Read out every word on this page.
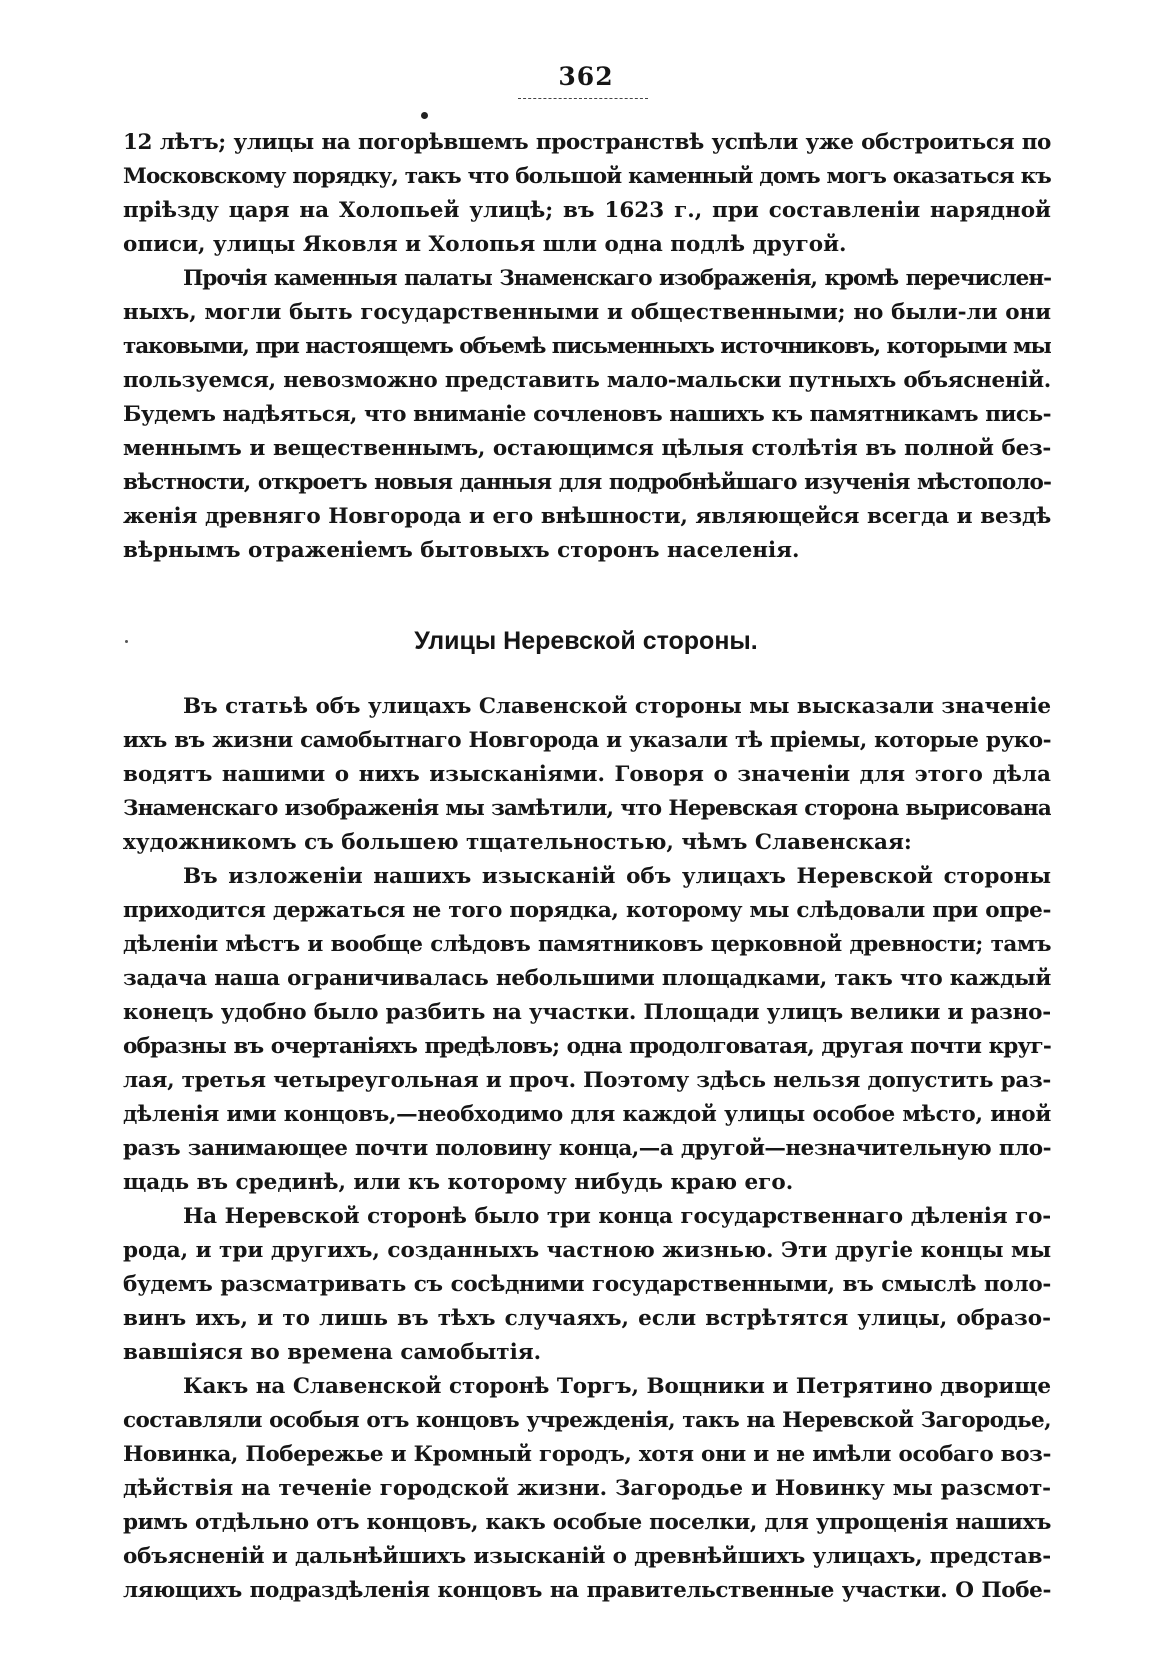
362
12 лѣтъ; улицы на погорѣвшемъ пространствѣ успѣли уже обстроиться по
Московскому порядку, такъ что большой каменный домъ могъ оказаться къ
пріѣзду царя на Холопьей улицѣ; въ 1623 г., при составленіи нарядной
описи, улицы Яковля и Холопья шли одна подлѣ другой.
Прочія каменныя палаты Знаменскаго изображенія, кромѣ перечислен-
ныхъ, могли быть государственными и общественными; но были-ли они
таковыми, при настоящемъ объемѣ письменныхъ источниковъ, которыми мы
пользуемся, невозможно представить мало-мальски путныхъ объясненій.
Будемъ надѣяться, что вниманіе сочленовъ нашихъ къ памятникамъ пись-
меннымъ и вещественнымъ, остающимся цѣлыя столѣтія въ полной без-
вѣстности, откроетъ новыя данныя для подробнѣйшаго изученія мѣстополо-
женія древняго Новгорода и его внѣшности, являющейся всегда и вездѣ
вѣрнымъ отраженіемъ бытовыхъ сторонъ населенія.
Улицы Неревской стороны.
Въ статьѣ объ улицахъ Славенской стороны мы высказали значеніе
ихъ въ жизни самобытнаго Новгорода и указали тѣ пріемы, которые руко-
водятъ нашими о нихъ изысканіями. Говоря о значеніи для этого дѣла
Знаменскаго изображенія мы замѣтили, что Неревская сторона вырисована
художникомъ съ большею тщательностью, чѣмъ Славенская:
Въ изложеніи нашихъ изысканій объ улицахъ Неревской стороны
приходится держаться не того порядка, которому мы слѣдовали при опре-
дѣленіи мѣстъ и вообще слѣдовъ памятниковъ церковной древности; тамъ
задача наша ограничивалась небольшими площадками, такъ что каждый
конецъ удобно было разбить на участки. Площади улицъ велики и разно-
образны въ очертаніяхъ предѣловъ; одна продолговатая, другая почти круг-
лая, третья четыреугольная и проч. Поэтому здѣсь нельзя допустить раз-
дѣленія ими концовъ,—необходимо для каждой улицы особое мѣсто, иной
разъ занимающее почти половину конца,—а другой—незначительную пло-
щадь въ срединѣ, или къ которому нибудь краю его.
На Неревской сторонѣ было три конца государственнаго дѣленія го-
рода, и три другихъ, созданныхъ частною жизнью. Эти другіе концы мы
будемъ разсматривать съ сосѣдними государственными, въ смыслѣ поло-
винъ ихъ, и то лишь въ тѣхъ случаяхъ, если встрѣтятся улицы, образо-
вавшіяся во времена самобытія.
Какъ на Славенской сторонѣ Торгъ, Вощники и Петрятино дворище
составляли особыя отъ концовъ учрежденія, такъ на Неревской Загородье,
Новинка, Побережье и Кромный городъ, хотя они и не имѣли особаго воз-
дѣйствія на теченіе городской жизни. Загородье и Новинку мы разсмот-
римъ отдѣльно отъ концовъ, какъ особые поселки, для упрощенія нашихъ
объясненій и дальнѣйшихъ изысканій о древнѣйшихъ улицахъ, представ-
ляющихъ подраздѣленія концовъ на правительственные участки. О Побе-
